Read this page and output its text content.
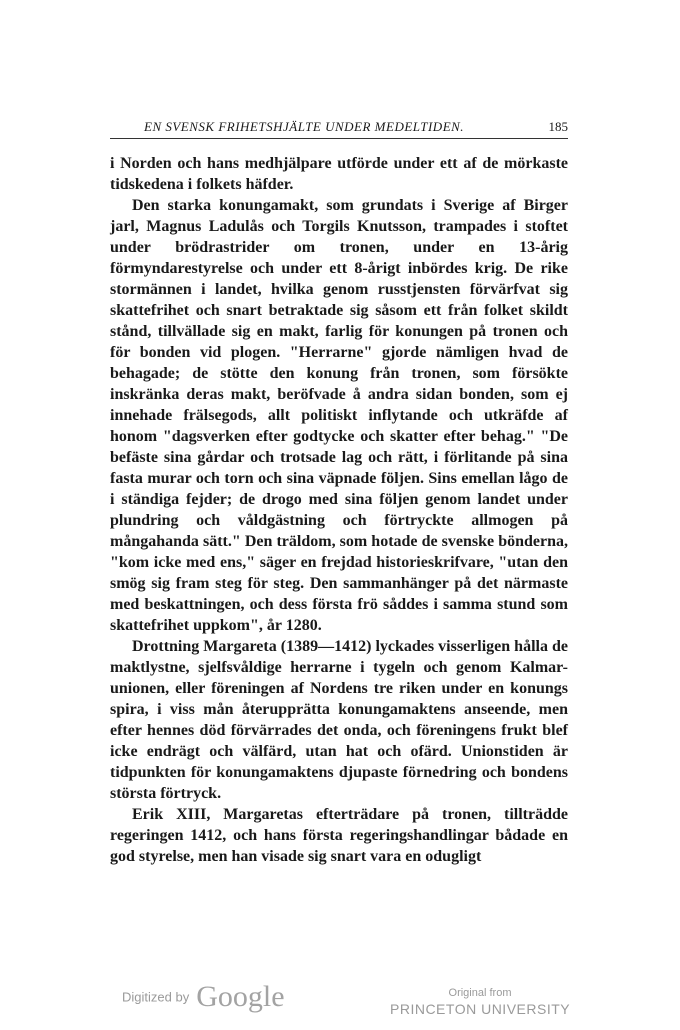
EN SVENSK FRIHETSHJÄLTE UNDER MEDELTIDEN.	185

i Norden och hans medhjälpare utförde under ett af de mörkaste tidskedena i folkets häfder.

Den starka konungamakt, som grundats i Sverige af Birger jarl, Magnus Ladulås och Torgils Knutsson, trampades i stoftet under brödrastrider om tronen, under en 13-årig förmyndarestyrelse och under ett 8-årigt inbördes krig. De rike stormännen i landet, hvilka genom russtjensten förvärfvat sig skattefrihet och snart betraktade sig såsom ett från folket skildt stånd, tillvällade sig en makt, farlig för konungen på tronen och för bonden vid plogen. "Herrarne" gjorde nämligen hvad de behagade; de stötte den konung från tronen, som försökte inskränka deras makt, beröfvade å andra sidan bonden, som ej innehade frälsegods, allt politiskt inflytande och utkräfde af honom "dagsverken efter godtycke och skatter efter behag." "De befäste sina gårdar och trotsade lag och rätt, i förlitande på sina fasta murar och torn och sina väpnade följen. Sins emellan lågo de i ständiga fejder; de drogo med sina följen genom landet under plundring och våldgästning och förtryckte allmogen på mångahanda sätt." Den träldom, som hotade de svenske bönderna, "kom icke med ens," säger en frejdad historieskrifvare, "utan den smög sig fram steg för steg. Den sammanhänger på det närmaste med beskattningen, och dess första frö såddes i samma stund som skattefrihet uppkom", år 1280.

Drottning Margareta (1389—1412) lyckades visserligen hålla de maktlystne, sjelfsvåldige herrarne i tygeln och genom Kalmar-unionen, eller föreningen af Nordens tre riken under en konungs spira, i viss mån återupprätta konungamaktens anseende, men efter hennes död förvärrades det onda, och föreningens frukt blef icke endrägt och välfärd, utan hat och ofärd. Unionstiden är tidpunkten för konungamaktens djupaste förnedring och bondens största förtryck.

Erik XIII, Margaretas efterträdare på tronen, tillträdde regeringen 1412, och hans första regeringshandlingar bådade en god styrelse, men han visade sig snart vara en odugligt

Digitized by Google	Original from
PRINCETON UNIVERSITY
